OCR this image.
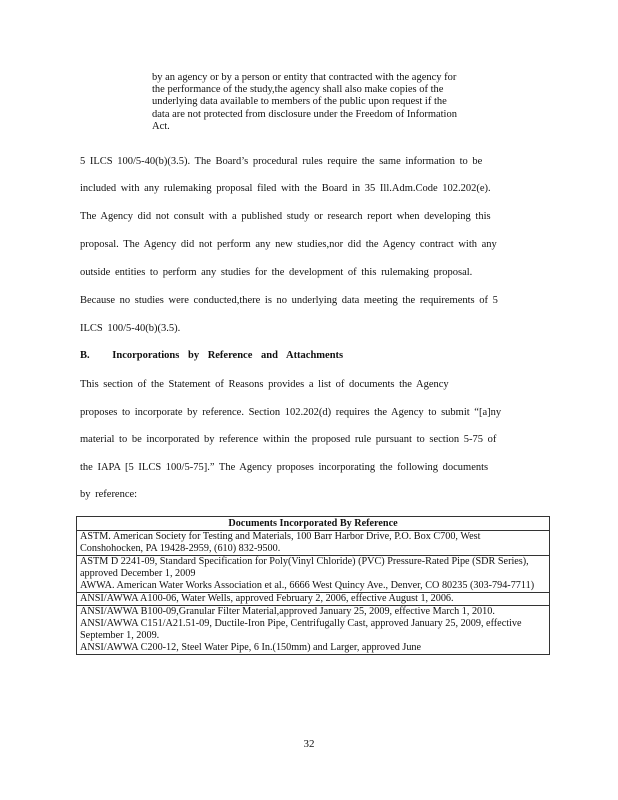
by an agency or by a person or entity that contracted with the agency for

the performance of the study,the agency shall also make copies of the

underlying data available to members of the public upon request if the

data are not protected from disclosure under the Freedom of Information

Act.

5 ILCS 100/5-40(b)(3.5). The Board’s procedural rules require the same information to be
included with any rulemaking proposal filed with the Board in 35 Ill.Adm.Code 102.202(e).
The Agency did not consult with a published study or research report when developing this
proposal. The Agency did not perform any new studies,nor did the Agency contract with any
outside entities to perform any studies for the development of this rulemaking proposal.
Because no studies were conducted,there is no underlying data meeting the requirements of 5
ILCS 100/5-40(b)(3.5).
B. Incorporations by Reference and Attachments
This section of the Statement of Reasons provides a list of documents the Agency
proposes to incorporate by reference. Section 102.202(d) requires the Agency to submit “[a]ny
material to be incorporated by reference within the proposed rule pursuant to section 5-75 of
the IAPA [5 ILCS 100/5-75].” The Agency proposes incorporating the following documents
by reference:
Documents Incorporated By Reference
ASTM. American Society for Testing and Materials, 100 Barr Harbor Drive, P.O. Box C700, West Conshohocken, PA 19428-2959, (610) 832-9500.
ASTM D 2241-09, Standard Specification for Poly(Vinyl Chloride) (PVC) Pressure-Rated Pipe (SDR Series), approved December 1, 2009
AWWA. American Water Works Association et al., 6666 West Quincy Ave., Denver, CO 80235 (303-794-7711)
ANSI/AWWA A100-06, Water Wells, approved February 2, 2006, effective August 1, 2006.
ANSI/AWWA B100-09,Granular Filter Material,approved January 25, 2009, effective March 1, 2010.
ANSI/AWWA C151/A21.51-09, Ductile-Iron Pipe, Centrifugally Cast, approved January 25, 2009, effective September 1, 2009.
ANSI/AWWA C200-12, Steel Water Pipe, 6 In.(150mm) and Larger, approved June
32
